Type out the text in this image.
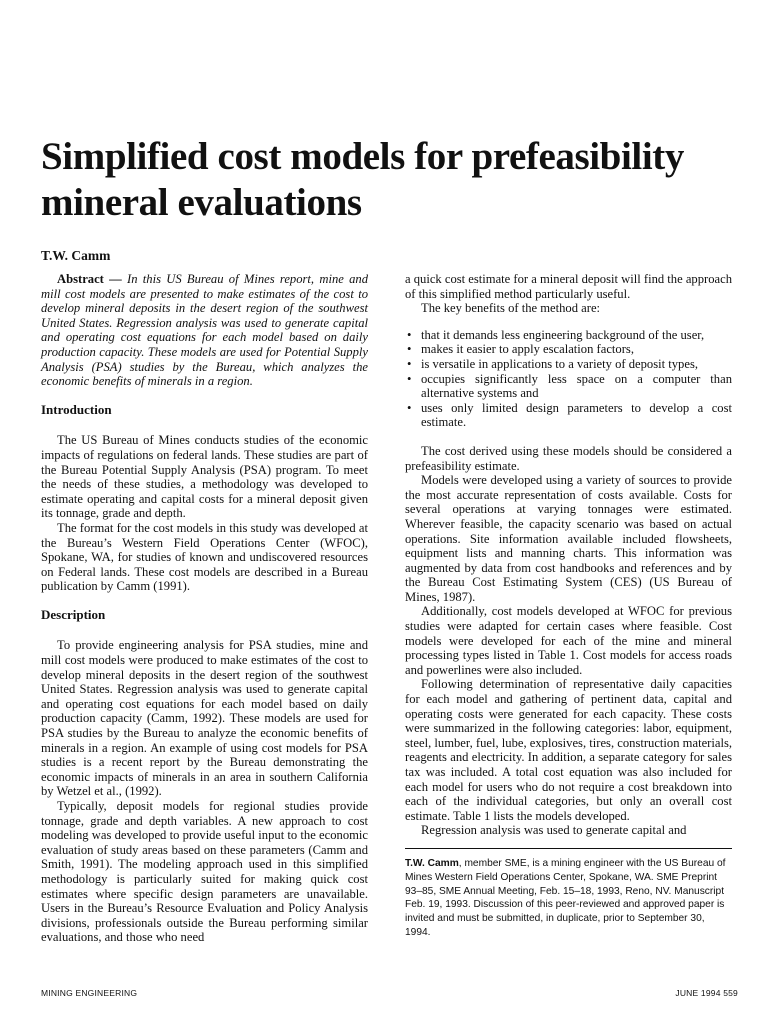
Simplified cost models for prefeasibility mineral evaluations

T.W. Camm

Abstract — In this US Bureau of Mines report, mine and mill cost models are presented to make estimates of the cost to develop mineral deposits in the desert region of the southwest United States. Regression analysis was used to generate capital and operating cost equations for each model based on daily production capacity. These models are used for Potential Supply Analysis (PSA) studies by the Bureau, which analyzes the economic benefits of minerals in a region.

Introduction

The US Bureau of Mines conducts studies of the economic impacts of regulations on federal lands. These studies are part of the Bureau Potential Supply Analysis (PSA) program. To meet the needs of these studies, a methodology was developed to estimate operating and capital costs for a mineral deposit given its tonnage, grade and depth.

The format for the cost models in this study was developed at the Bureau’s Western Field Operations Center (WFOC), Spokane, WA, for studies of known and undiscovered resources on Federal lands. These cost models are described in a Bureau publication by Camm (1991).

Description

To provide engineering analysis for PSA studies, mine and mill cost models were produced to make estimates of the cost to develop mineral deposits in the desert region of the southwest United States. Regression analysis was used to generate capital and operating cost equations for each model based on daily production capacity (Camm, 1992). These models are used for PSA studies by the Bureau to analyze the economic benefits of minerals in a region. An example of using cost models for PSA studies is a recent report by the Bureau demonstrating the economic impacts of minerals in an area in southern California by Wetzel et al., (1992).

Typically, deposit models for regional studies provide tonnage, grade and depth variables. A new approach to cost modeling was developed to provide useful input to the economic evaluation of study areas based on these parameters (Camm and Smith, 1991). The modeling approach used in this simplified methodology is particularly suited for making quick cost estimates where specific design parameters are unavailable. Users in the Bureau’s Resource Evaluation and Policy Analysis divisions, professionals outside the Bureau performing similar evaluations, and those who need

a quick cost estimate for a mineral deposit will find the approach of this simplified method particularly useful.

The key benefits of the method are:

• that it demands less engineering background of the user,
• makes it easier to apply escalation factors,
• is versatile in applications to a variety of deposit types,
• occupies significantly less space on a computer than alternative systems and
• uses only limited design parameters to develop a cost estimate.

The cost derived using these models should be considered a prefeasibility estimate.

Models were developed using a variety of sources to provide the most accurate representation of costs available. Costs for several operations at varying tonnages were estimated. Wherever feasible, the capacity scenario was based on actual operations. Site information available included flowsheets, equipment lists and manning charts. This information was augmented by data from cost handbooks and references and by the Bureau Cost Estimating System (CES) (US Bureau of Mines, 1987).

Additionally, cost models developed at WFOC for previous studies were adapted for certain cases where feasible. Cost models were developed for each of the mine and mineral processing types listed in Table 1. Cost models for access roads and powerlines were also included.

Following determination of representative daily capacities for each model and gathering of pertinent data, capital and operating costs were generated for each capacity. These costs were summarized in the following categories: labor, equipment, steel, lumber, fuel, lube, explosives, tires, construction materials, reagents and electricity. In addition, a separate category for sales tax was included. A total cost equation was also included for each model for users who do not require a cost breakdown into each of the individual categories, but only an overall cost estimate. Table 1 lists the models developed.

Regression analysis was used to generate capital and

T.W. Camm, member SME, is a mining engineer with the US Bureau of Mines Western Field Operations Center, Spokane, WA. SME Preprint 93–85, SME Annual Meeting, Feb. 15–18, 1993, Reno, NV. Manuscript Feb. 19, 1993. Discussion of this peer-reviewed and approved paper is invited and must be submitted, in duplicate, prior to September 30, 1994.

MINING ENGINEERING	JUNE 1994 559
